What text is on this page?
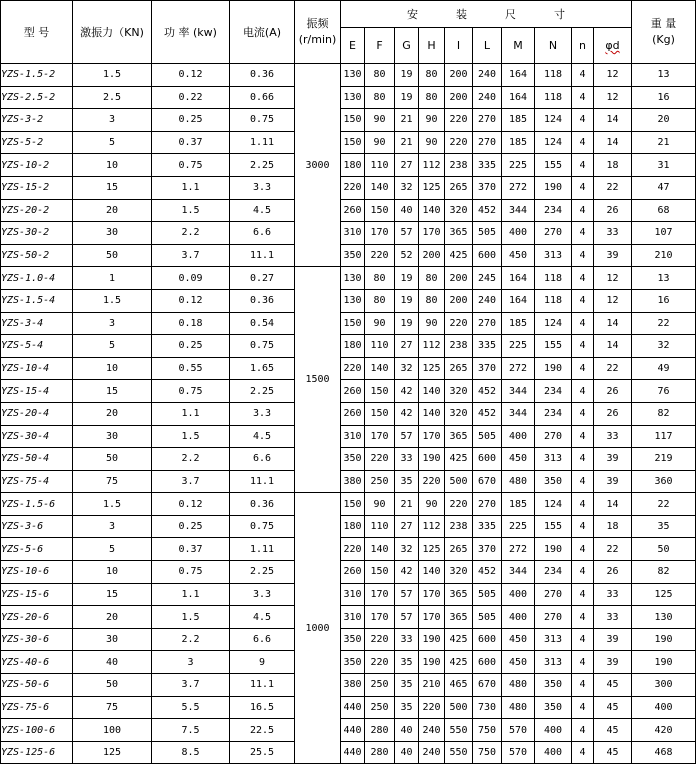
型 号	激振力（KN)	功 率 (kw)	电流(A)	振频
(r/min)	安装尺寸										重 量
(Kg)
					E	F	G	H	I	L	M	N	n	φd	
YZS-1.5-2	1.5	0.12	0.36	3000	130	80	19	80	200	240	164	118	4	12	13
YZS-2.5-2	2.5	0.22	0.66		130	80	19	80	200	240	164	118	4	12	16
YZS-3-2	3	0.25	0.75		150	90	21	90	220	270	185	124	4	14	20
YZS-5-2	5	0.37	1.11		150	90	21	90	220	270	185	124	4	14	21
YZS-10-2	10	0.75	2.25		180	110	27	112	238	335	225	155	4	18	31
YZS-15-2	15	1.1	3.3		220	140	32	125	265	370	272	190	4	22	47
YZS-20-2	20	1.5	4.5		260	150	40	140	320	452	344	234	4	26	68
YZS-30-2	30	2.2	6.6		310	170	57	170	365	505	400	270	4	33	107
YZS-50-2	50	3.7	11.1		350	220	52	200	425	600	450	313	4	39	210
YZS-1.0-4	1	0.09	0.27	1500	130	80	19	80	200	245	164	118	4	12	13
YZS-1.5-4	1.5	0.12	0.36		130	80	19	80	200	240	164	118	4	12	16
YZS-3-4	3	0.18	0.54		150	90	19	90	220	270	185	124	4	14	22
YZS-5-4	5	0.25	0.75		180	110	27	112	238	335	225	155	4	14	32
YZS-10-4	10	0.55	1.65		220	140	32	125	265	370	272	190	4	22	49
YZS-15-4	15	0.75	2.25		260	150	42	140	320	452	344	234	4	26	76
YZS-20-4	20	1.1	3.3		260	150	42	140	320	452	344	234	4	26	82
YZS-30-4	30	1.5	4.5		310	170	57	170	365	505	400	270	4	33	117
YZS-50-4	50	2.2	6.6		350	220	33	190	425	600	450	313	4	39	219
YZS-75-4	75	3.7	11.1		380	250	35	220	500	670	480	350	4	39	360
YZS-1.5-6	1.5	0.12	0.36	1000	150	90	21	90	220	270	185	124	4	14	22
YZS-3-6	3	0.25	0.75		180	110	27	112	238	335	225	155	4	18	35
YZS-5-6	5	0.37	1.11		220	140	32	125	265	370	272	190	4	22	50
YZS-10-6	10	0.75	2.25		260	150	42	140	320	452	344	234	4	26	82
YZS-15-6	15	1.1	3.3		310	170	57	170	365	505	400	270	4	33	125
YZS-20-6	20	1.5	4.5		310	170	57	170	365	505	400	270	4	33	130
YZS-30-6	30	2.2	6.6		350	220	33	190	425	600	450	313	4	39	190
YZS-40-6	40	3	9		350	220	35	190	425	600	450	313	4	39	190
YZS-50-6	50	3.7	11.1		380	250	35	210	465	670	480	350	4	45	300
YZS-75-6	75	5.5	16.5		440	250	35	220	500	730	480	350	4	45	400
YZS-100-6	100	7.5	22.5		440	280	40	240	550	750	570	400	4	45	420
YZS-125-6	125	8.5	25.5		440	280	40	240	550	750	570	400	4	45	468
